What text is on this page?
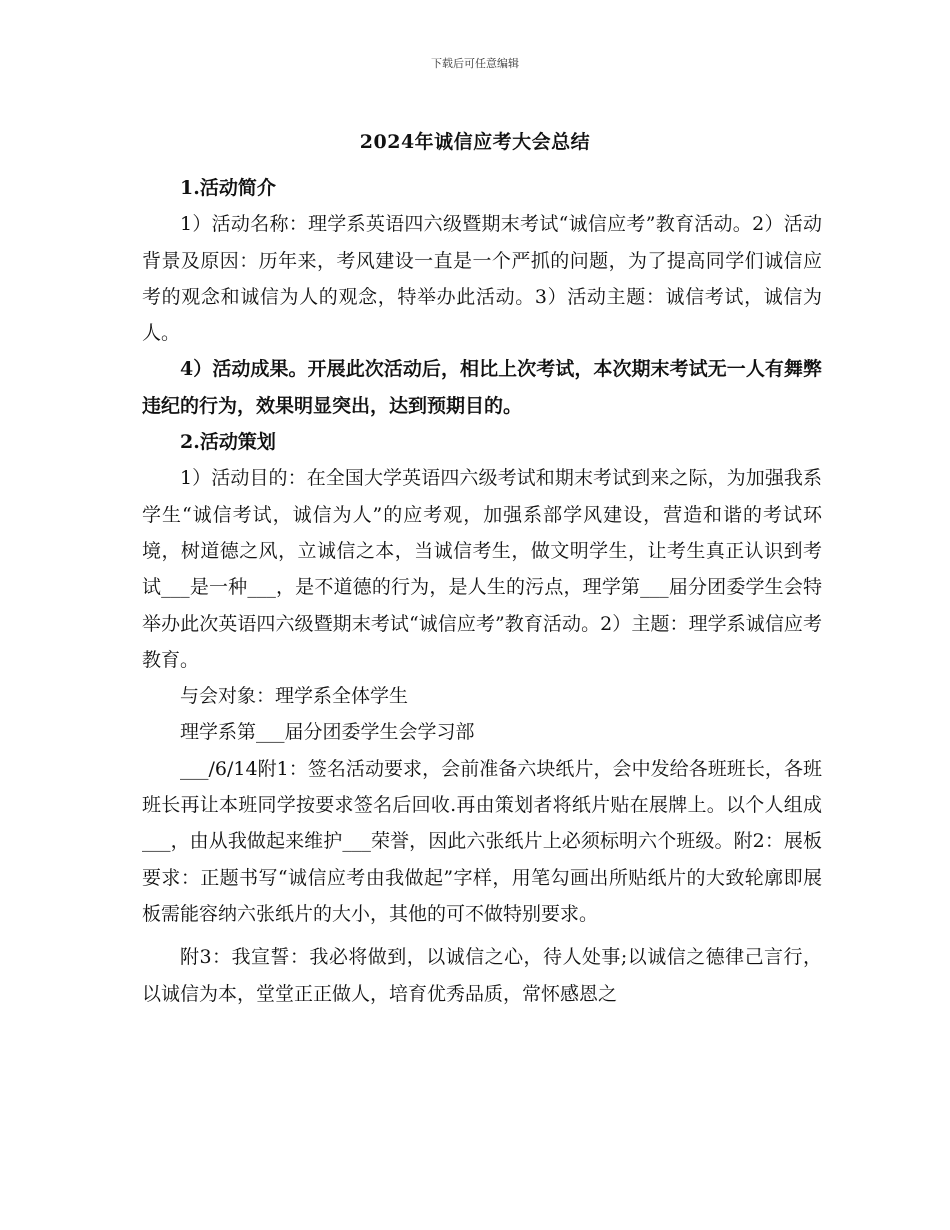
下载后可任意编辑
2024年诚信应考大会总结

1.活动简介

1）活动名称：理学系英语四六级暨期末考试“诚信应考”教育活动。2）活动背景及原因：历年来，考风建设一直是一个严抓的问题，为了提高同学们诚信应考的观念和诚信为人的观念，特举办此活动。3）活动主题：诚信考试，诚信为人。

4）活动成果。开展此次活动后，相比上次考试，本次期末考试无一人有舞弊违纪的行为，效果明显突出，达到预期目的。

2.活动策划

1）活动目的：在全国大学英语四六级考试和期末考试到来之际，为加强我系学生“诚信考试，诚信为人”的应考观，加强系部学风建设，营造和谐的考试环境，树道德之风，立诚信之本，当诚信考生，做文明学生，让考生真正认识到考试___是一种___，是不道德的行为，是人生的污点，理学第___届分团委学生会特举办此次英语四六级暨期末考试“诚信应考”教育活动。2）主题：理学系诚信应考教育。

与会对象：理学系全体学生

理学系第___届分团委学生会学习部

___/6/14附1：签名活动要求，会前准备六块纸片，会中发给各班班长，各班班长再让本班同学按要求签名后回收.再由策划者将纸片贴在展牌上。以个人组成___，由从我做起来维护___荣誉，因此六张纸片上必须标明六个班级。附2：展板要求：正题书写“诚信应考由我做起”字样，用笔勾画出所贴纸片的大致轮廓即展板需能容纳六张纸片的大小，其他的可不做特别要求。

附3：我宣誓：我必将做到，以诚信之心，待人处事;以诚信之德律己言行，以诚信为本，堂堂正正做人，培育优秀品质，常怀感恩之
